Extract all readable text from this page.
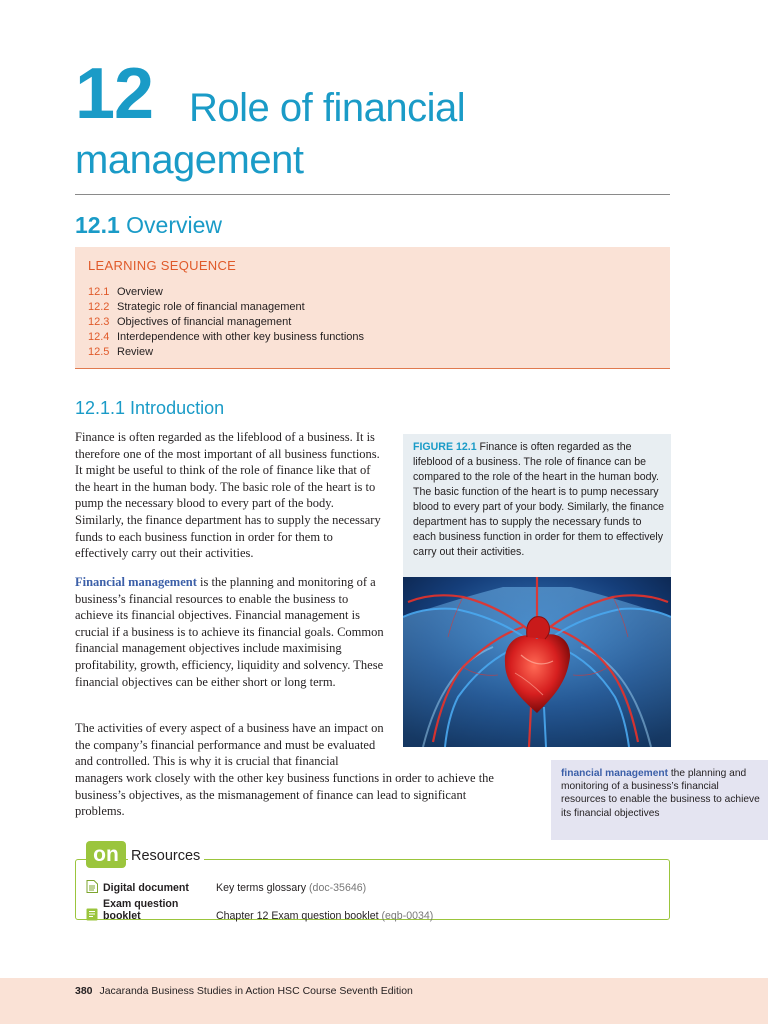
12 Role of financial
management
12.1 Overview
LEARNING SEQUENCE
12.1 Overview
12.2 Strategic role of financial management
12.3 Objectives of financial management
12.4 Interdependence with other key business functions
12.5 Review
12.1.1 Introduction
Finance is often regarded as the lifeblood of a business. It is therefore one of the most important of all business functions. It might be useful to think of the role of finance like that of the heart in the human body. The basic role of the heart is to pump the necessary blood to every part of the body. Similarly, the finance department has to supply the necessary funds to each business function in order for them to effectively carry out their activities.
Financial management is the planning and monitoring of a business’s financial resources to enable the business to achieve its financial objectives. Financial management is crucial if a business is to achieve its financial goals. Common financial management objectives include maximising profitability, growth, efficiency, liquidity and solvency. These financial objectives can be either short or long term.
The activities of every aspect of a business have an impact on the company’s financial performance and must be evaluated and controlled. This is why it is crucial that financial
managers work closely with the other key business functions in order to achieve the business’s objectives, as the mismanagement of finance can lead to significant problems.
FIGURE 12.1 Finance is often regarded as the lifeblood of a business. The role of finance can be compared to the role of the heart in the human body. The basic function of the heart is to pump necessary blood to every part of your body. Similarly, the finance department has to supply the necessary funds to each business function in order for them to effectively carry out their activities.
financial management the planning and monitoring of a business’s financial resources to enable the business to achieve its financial objectives
on Resources
Digital document	Key terms glossary (doc-35646)
Exam question booklet	Chapter 12 Exam question booklet (eqb-0034)
380 Jacaranda Business Studies in Action HSC Course Seventh Edition
